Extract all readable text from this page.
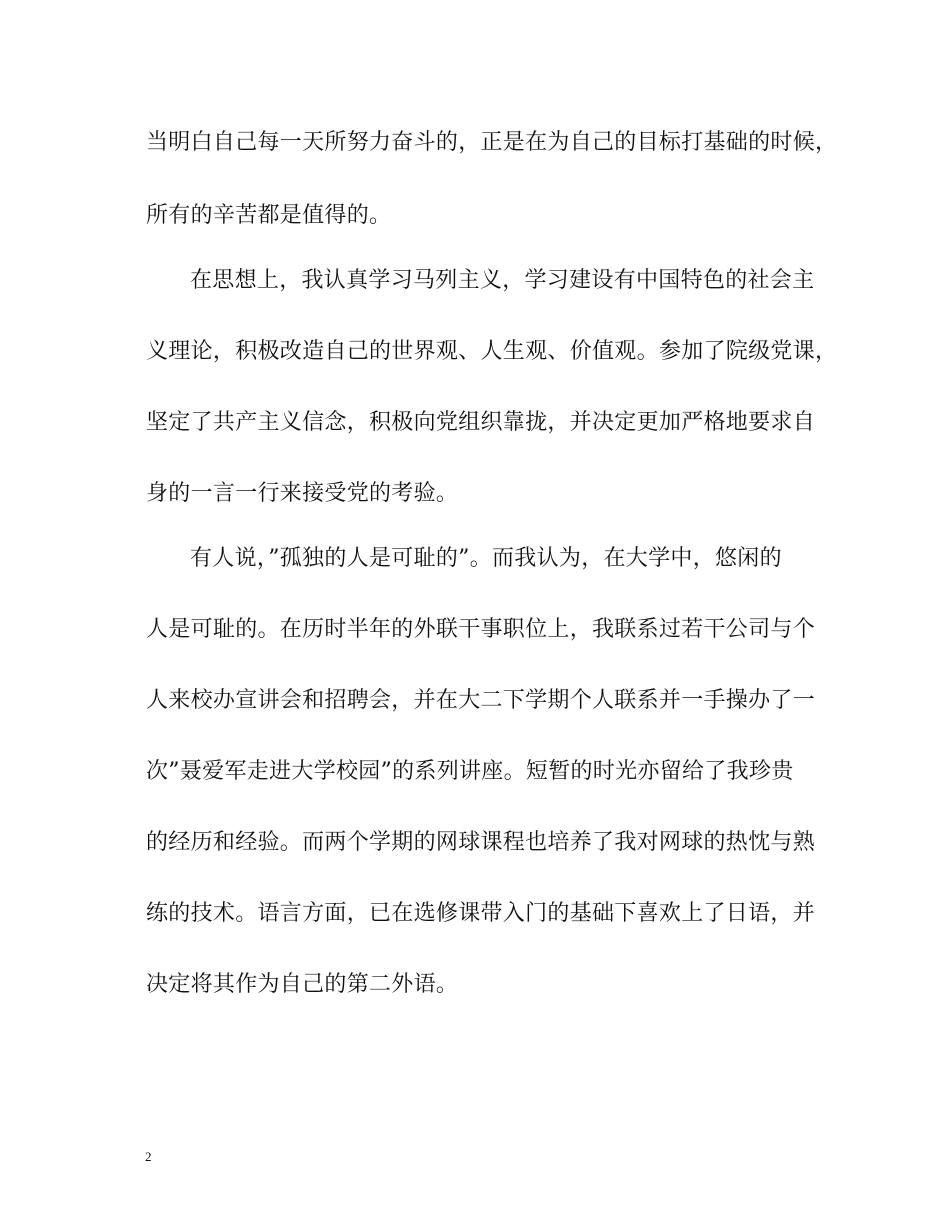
当明白自己每一天所努力奋斗的，正是在为自己的目标打基础的时候，
所有的辛苦都是值得的。
在思想上，我认真学习马列主义，学习建设有中国特色的社会主
义理论，积极改造自己的世界观、人生观、价值观。参加了院级党课，
坚定了共产主义信念，积极向党组织靠拢，并决定更加严格地要求自
身的一言一行来接受党的考验。
有人说，”孤独的人是可耻的”。而我认为，在大学中，悠闲的
人是可耻的。在历时半年的外联干事职位上，我联系过若干公司与个
人来校办宣讲会和招聘会，并在大二下学期个人联系并一手操办了一
次”聂爱军走进大学校园”的系列讲座。短暂的时光亦留给了我珍贵
的经历和经验。而两个学期的网球课程也培养了我对网球的热忱与熟
练的技术。语言方面，已在选修课带入门的基础下喜欢上了日语，并
决定将其作为自己的第二外语。
2
